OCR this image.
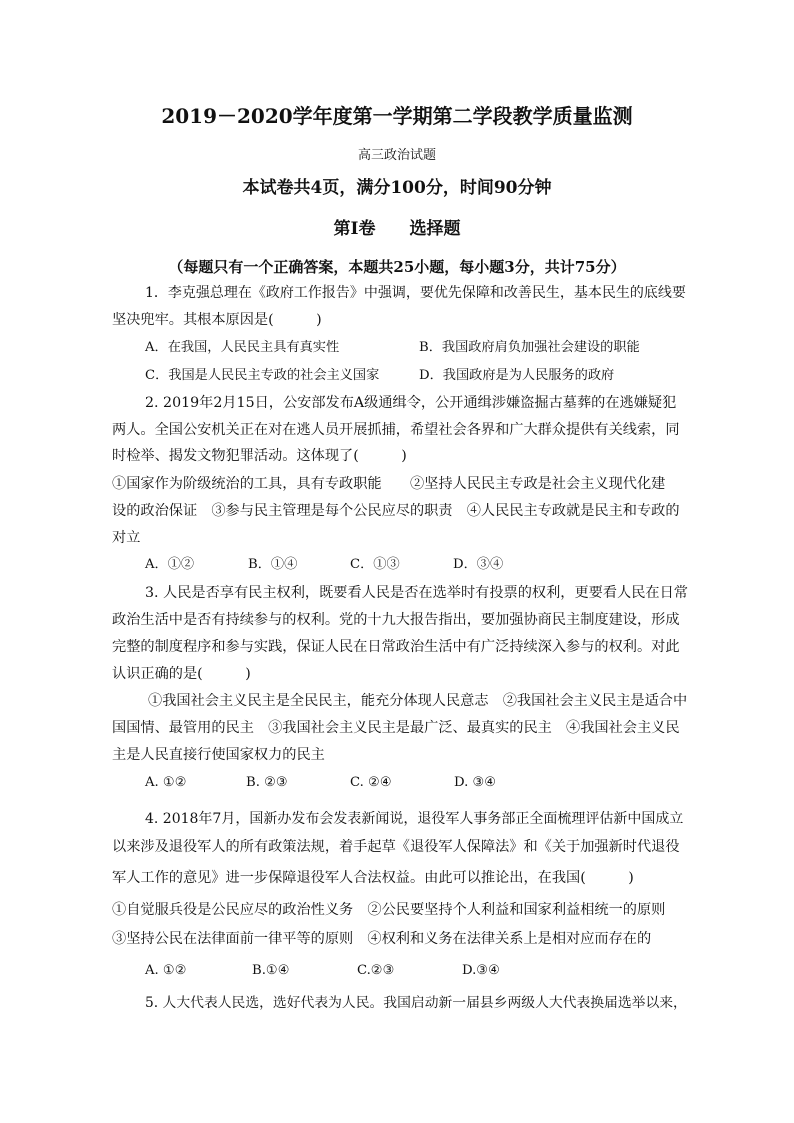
2019－2020学年度第一学期第二学段教学质量监测
高三政治试题
本试卷共4页，满分100分，时间90分钟
第Ⅰ卷　　选择题
（每题只有一个正确答案，本题共25小题，每小题3分，共计75分）
1．李克强总理在《政府工作报告》中强调，要优先保障和改善民生，基本民生的底线要
坚决兜牢。其根本原因是(　　　)
A．在我国，人民民主具有真实性	B．我国政府肩负加强社会建设的职能
C．我国是人民民主专政的社会主义国家	D．我国政府是为人民服务的政府
2. 2019年2月15日，公安部发布A级通缉令，公开通缉涉嫌盗掘古墓葬的在逃嫌疑犯
两人。全国公安机关正在对在逃人员开展抓捕，希望社会各界和广大群众提供有关线索，同
时检举、揭发文物犯罪活动。这体现了(　　　)
①国家作为阶级统治的工具，具有专政职能　　②坚持人民民主专政是社会主义现代化建
设的政治保证　③参与民主管理是每个公民应尽的职责　④人民民主专政就是民主和专政的
对立
A．①②	B．①④	C．①③	D．③④
3. 人民是否享有民主权利，既要看人民是否在选举时有投票的权利，更要看人民在日常
政治生活中是否有持续参与的权利。党的十九大报告指出，要加强协商民主制度建设，形成
完整的制度程序和参与实践，保证人民在日常政治生活中有广泛持续深入参与的权利。对此
认识正确的是(　　　)
①我国社会主义民主是全民民主，能充分体现人民意志　②我国社会主义民主是适合中
国国情、最管用的民主　③我国社会主义民主是最广泛、最真实的民主　④我国社会主义民
主是人民直接行使国家权力的民主
A. ①②	B. ②③	C. ②④	D. ③④
4. 2018年7月，国新办发布会发表新闻说，退役军人事务部正全面梳理评估新中国成立
以来涉及退役军人的所有政策法规，着手起草《退役军人保障法》和《关于加强新时代退役
军人工作的意见》进一步保障退役军人合法权益。由此可以推论出，在我国(　　　)
①自觉服兵役是公民应尽的政治性义务　②公民要坚持个人利益和国家利益相统一的原则
③坚持公民在法律面前一律平等的原则　④权利和义务在法律关系上是相对应而存在的
A. ①②	B.①④	C.②③	D.③④
5. 人大代表人民选，选好代表为人民。我国启动新一届县乡两级人大代表换届选举以来，
